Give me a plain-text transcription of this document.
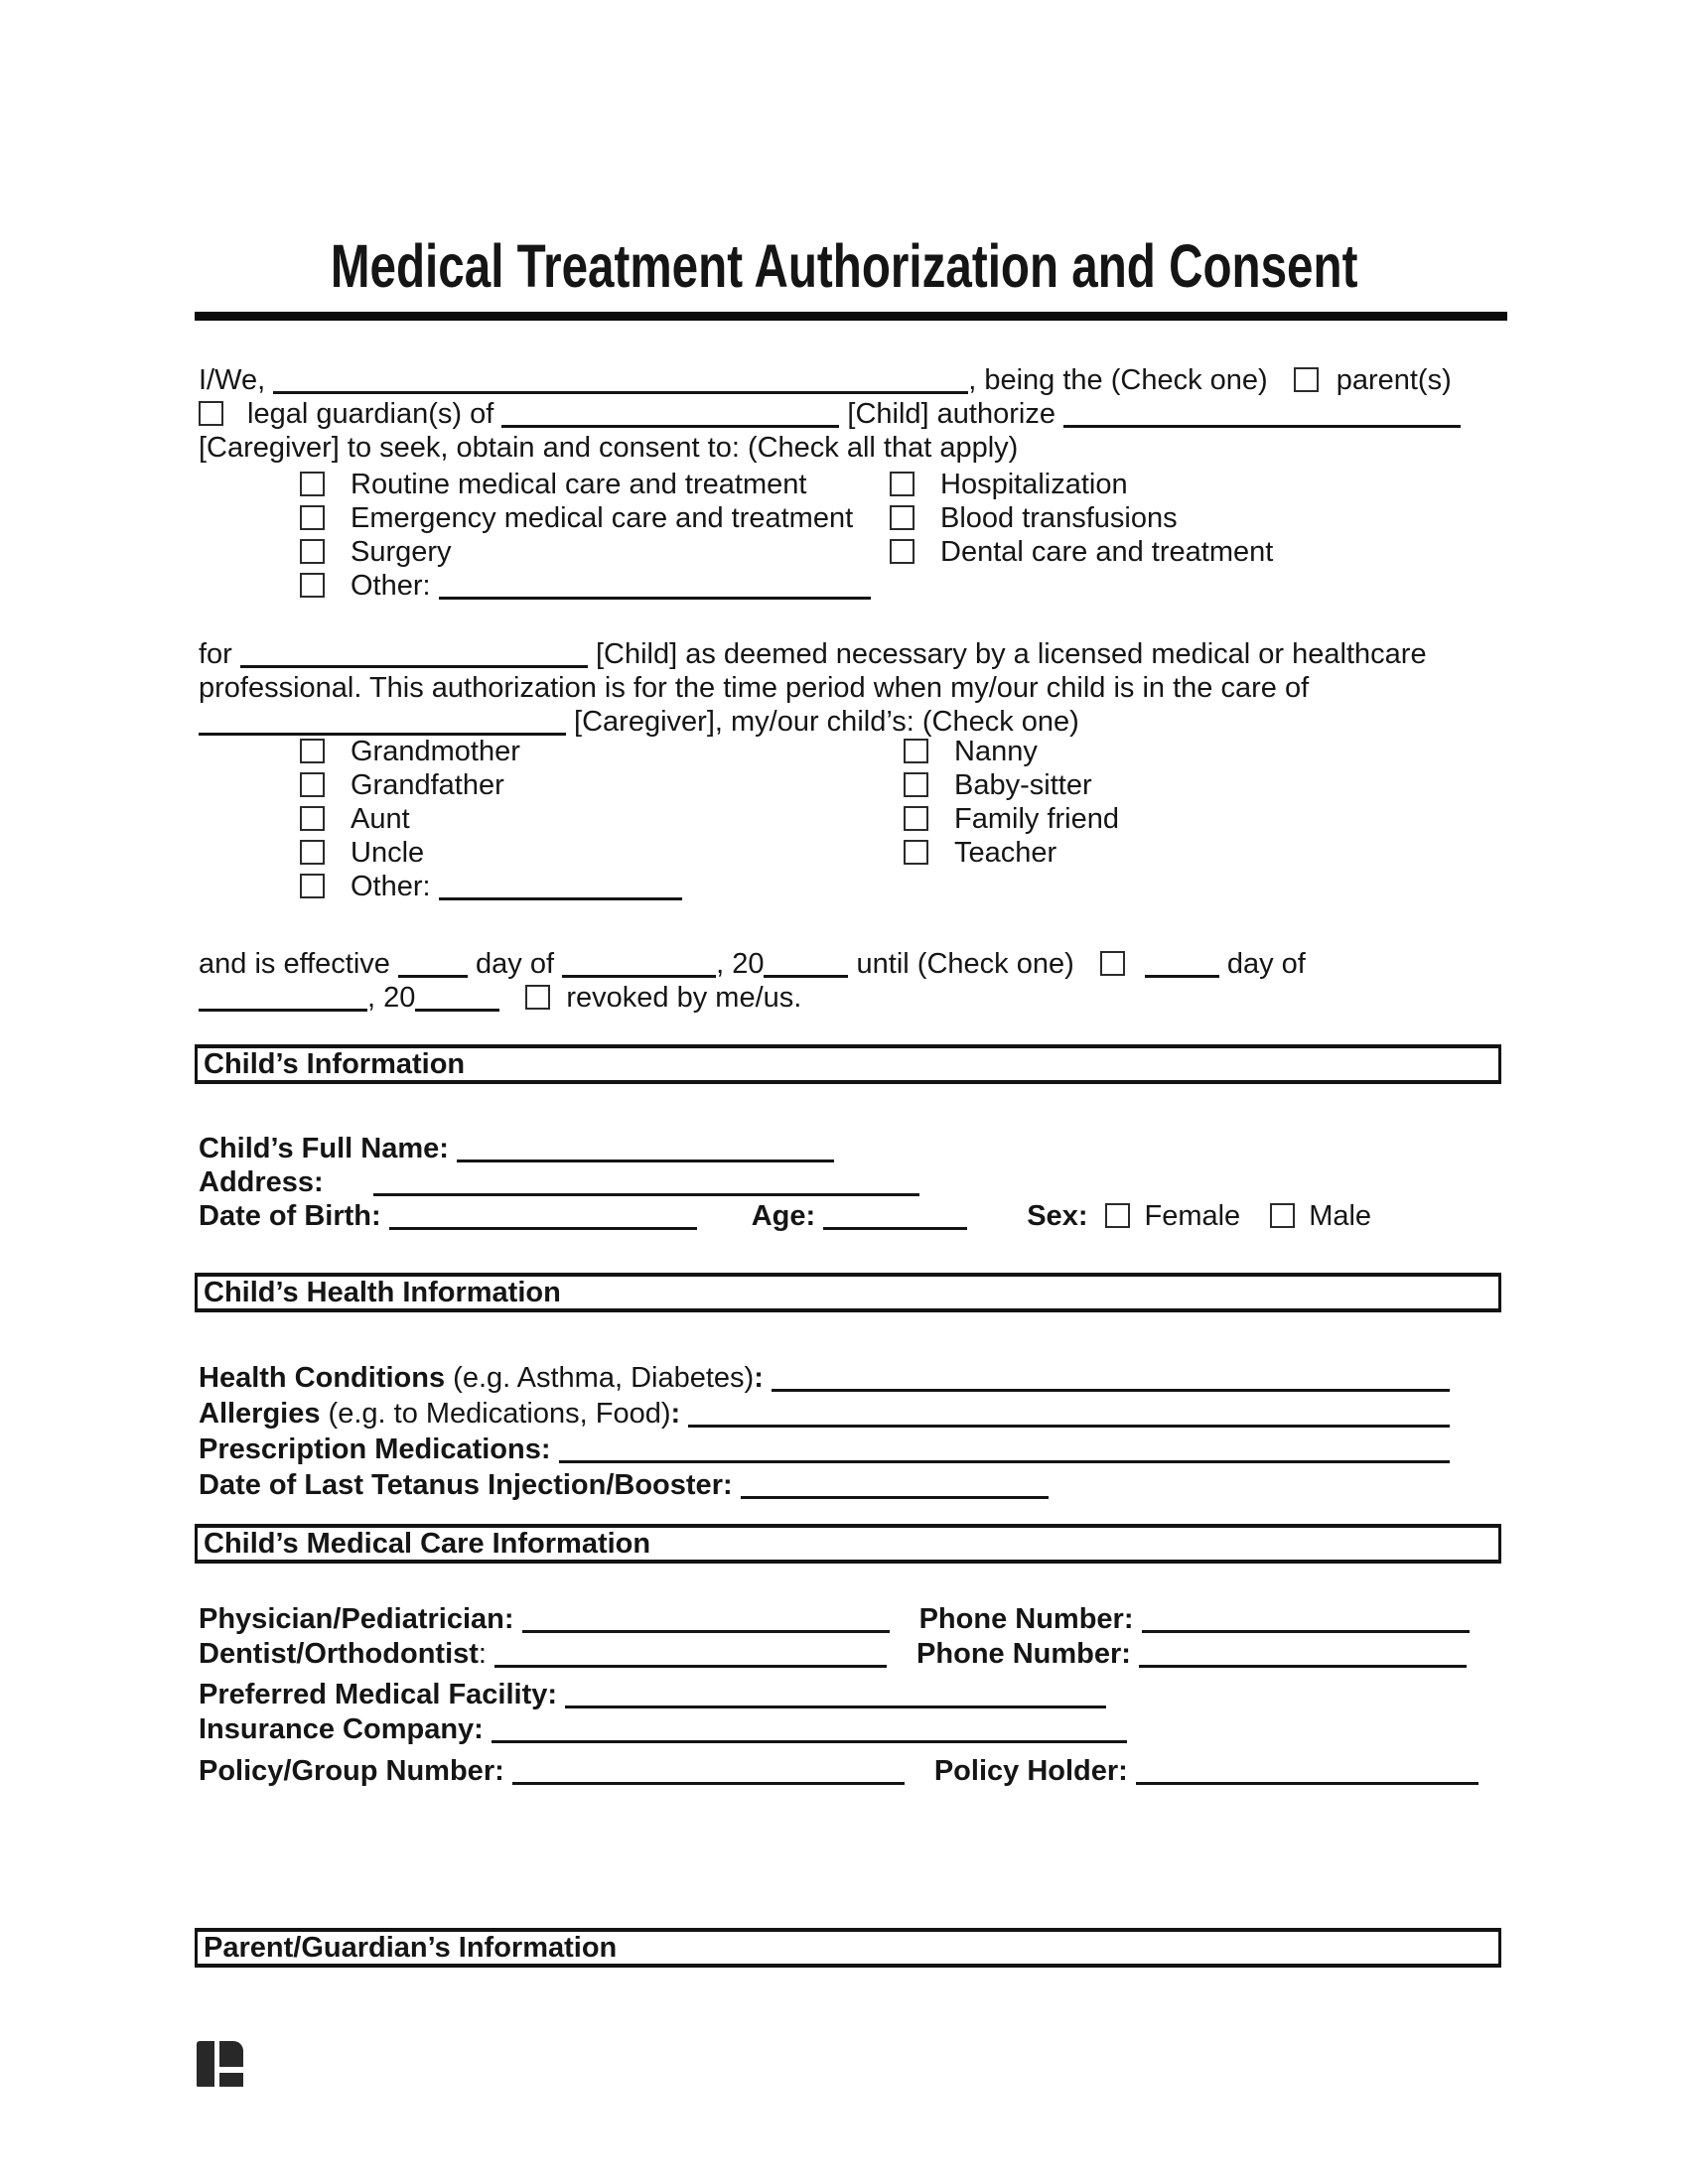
Medical Treatment Authorization and Consent
I/We,	, being the (Check one) parent(s)
legal guardian(s) of	[Child] authorize
[Caregiver] to seek, obtain and consent to: (Check all that apply)
Routine medical care and treatment	Hospitalization
Emergency medical care and treatment	Blood transfusions
Surgery	Dental care and treatment
Other:
for	[Child] as deemed necessary by a licensed medical or healthcare
professional. This authorization is for the time period when my/our child is in the care of
[Caregiver], my/our child’s: (Check one)
Grandmother	Nanny
Grandfather	Baby-sitter
Aunt	Family friend
Uncle	Teacher
Other:
and is effective day of	, 20	until (Check one)	day of
, 20	revoked by me/us.
Child’s Information
Child’s Full Name:
Address:
Date of Birth:	Age:	Sex: Female Male
Child’s Health Information
Health Conditions (e.g. Asthma, Diabetes) :
Allergies (e.g. to Medications, Food) :
Prescription Medications:
Date of Last Tetanus Injection/Booster:
Child’s Medical Care Information
Physician/Pediatrician:	Phone Number:
Dentist/Orthodontist :	Phone Number:
Preferred Medical Facility:
Insurance Company:
Policy/Group Number:	Policy Holder:
Parent/Guardian’s Information
